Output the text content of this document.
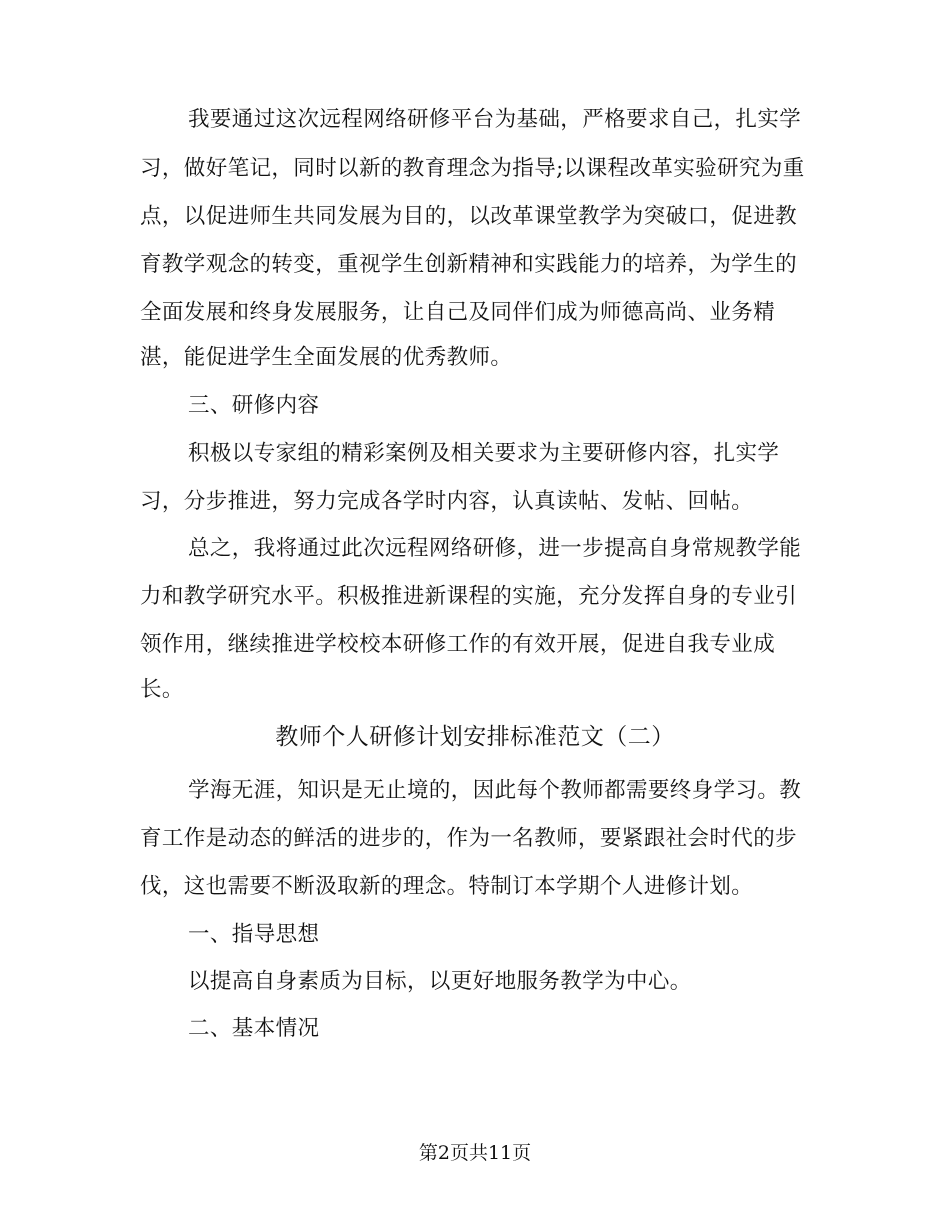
我要通过这次远程网络研修平台为基础，严格要求自己，扎实学
习，做好笔记，同时以新的教育理念为指导;以课程改革实验研究为重
点，以促进师生共同发展为目的，以改革课堂教学为突破口，促进教
育教学观念的转变，重视学生创新精神和实践能力的培养，为学生的
全面发展和终身发展服务，让自己及同伴们成为师德高尚、业务精
湛，能促进学生全面发展的优秀教师。
三、研修内容
积极以专家组的精彩案例及相关要求为主要研修内容，扎实学
习，分步推进，努力完成各学时内容，认真读帖、发帖、回帖。
总之，我将通过此次远程网络研修，进一步提高自身常规教学能
力和教学研究水平。积极推进新课程的实施，充分发挥自身的专业引
领作用，继续推进学校校本研修工作的有效开展，促进自我专业成
长。
教师个人研修计划安排标准范文（二）
学海无涯，知识是无止境的，因此每个教师都需要终身学习。教
育工作是动态的鲜活的进步的，作为一名教师，要紧跟社会时代的步
伐，这也需要不断汲取新的理念。特制订本学期个人进修计划。
一、指导思想
以提高自身素质为目标，以更好地服务教学为中心。
二、基本情况
第2页共11页
